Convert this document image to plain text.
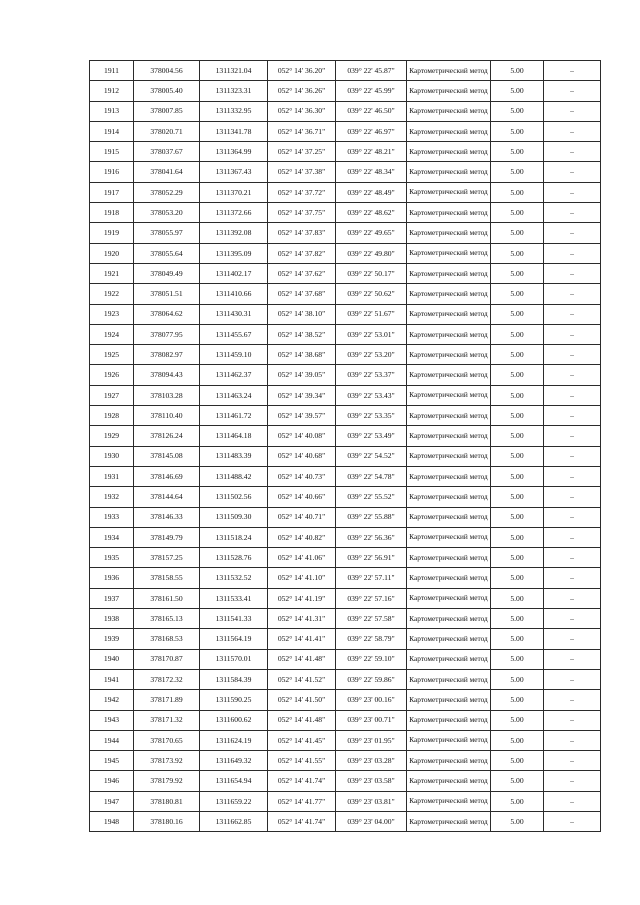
1911	378004.56	1311321.04	052° 14' 36.20"	039° 22' 45.87"	Картометрический метод	5.00	–
1912	378005.40	1311323.31	052° 14' 36.26"	039° 22' 45.99"	Картометрический метод	5.00	–
1913	378007.85	1311332.95	052° 14' 36.30"	039° 22' 46.50"	Картометрический метод	5.00	–
1914	378020.71	1311341.78	052° 14' 36.71"	039° 22' 46.97"	Картометрический метод	5.00	–
1915	378037.67	1311364.99	052° 14' 37.25"	039° 22' 48.21"	Картометрический метод	5.00	–
1916	378041.64	1311367.43	052° 14' 37.38"	039° 22' 48.34"	Картометрический метод	5.00	–
1917	378052.29	1311370.21	052° 14' 37.72"	039° 22' 48.49"	Картометрический метод	5.00	–
1918	378053.20	1311372.66	052° 14' 37.75"	039° 22' 48.62"	Картометрический метод	5.00	–
1919	378055.97	1311392.08	052° 14' 37.83"	039° 22' 49.65"	Картометрический метод	5.00	–
1920	378055.64	1311395.09	052° 14' 37.82"	039° 22' 49.80"	Картометрический метод	5.00	–
1921	378049.49	1311402.17	052° 14' 37.62"	039° 22' 50.17"	Картометрический метод	5.00	–
1922	378051.51	1311410.66	052° 14' 37.68"	039° 22' 50.62"	Картометрический метод	5.00	–
1923	378064.62	1311430.31	052° 14' 38.10"	039° 22' 51.67"	Картометрический метод	5.00	–
1924	378077.95	1311455.67	052° 14' 38.52"	039° 22' 53.01"	Картометрический метод	5.00	–
1925	378082.97	1311459.10	052° 14' 38.68"	039° 22' 53.20"	Картометрический метод	5.00	–
1926	378094.43	1311462.37	052° 14' 39.05"	039° 22' 53.37"	Картометрический метод	5.00	–
1927	378103.28	1311463.24	052° 14' 39.34"	039° 22' 53.43"	Картометрический метод	5.00	–
1928	378110.40	1311461.72	052° 14' 39.57"	039° 22' 53.35"	Картометрический метод	5.00	–
1929	378126.24	1311464.18	052° 14' 40.08"	039° 22' 53.49"	Картометрический метод	5.00	–
1930	378145.08	1311483.39	052° 14' 40.68"	039° 22' 54.52"	Картометрический метод	5.00	–
1931	378146.69	1311488.42	052° 14' 40.73"	039° 22' 54.78"	Картометрический метод	5.00	–
1932	378144.64	1311502.56	052° 14' 40.66"	039° 22' 55.52"	Картометрический метод	5.00	–
1933	378146.33	1311509.30	052° 14' 40.71"	039° 22' 55.88"	Картометрический метод	5.00	–
1934	378149.79	1311518.24	052° 14' 40.82"	039° 22' 56.36"	Картометрический метод	5.00	–
1935	378157.25	1311528.76	052° 14' 41.06"	039° 22' 56.91"	Картометрический метод	5.00	–
1936	378158.55	1311532.52	052° 14' 41.10"	039° 22' 57.11"	Картометрический метод	5.00	–
1937	378161.50	1311533.41	052° 14' 41.19"	039° 22' 57.16"	Картометрический метод	5.00	–
1938	378165.13	1311541.33	052° 14' 41.31"	039° 22' 57.58"	Картометрический метод	5.00	–
1939	378168.53	1311564.19	052° 14' 41.41"	039° 22' 58.79"	Картометрический метод	5.00	–
1940	378170.87	1311570.01	052° 14' 41.48"	039° 22' 59.10"	Картометрический метод	5.00	–
1941	378172.32	1311584.39	052° 14' 41.52"	039° 22' 59.86"	Картометрический метод	5.00	–
1942	378171.89	1311590.25	052° 14' 41.50"	039° 23' 00.16"	Картометрический метод	5.00	–
1943	378171.32	1311600.62	052° 14' 41.48"	039° 23' 00.71"	Картометрический метод	5.00	–
1944	378170.65	1311624.19	052° 14' 41.45"	039° 23' 01.95"	Картометрический метод	5.00	–
1945	378173.92	1311649.32	052° 14' 41.55"	039° 23' 03.28"	Картометрический метод	5.00	–
1946	378179.92	1311654.94	052° 14' 41.74"	039° 23' 03.58"	Картометрический метод	5.00	–
1947	378180.81	1311659.22	052° 14' 41.77"	039° 23' 03.81"	Картометрический метод	5.00	–
1948	378180.16	1311662.85	052° 14' 41.74"	039° 23' 04.00"	Картометрический метод	5.00	–
